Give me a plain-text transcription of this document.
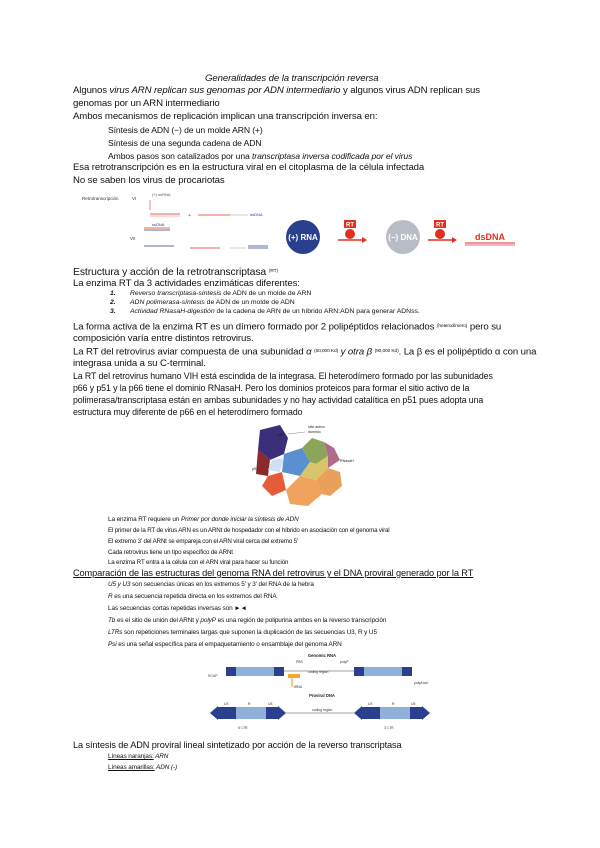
Generalidades de la transcripción reversa
Algunos virus ARN replican sus genomas por ADN intermediario y algunos virus ADN replican sus
genomas por un ARN intermediario
Ambos mecanismos de replicación implican una transcripción inversa en:
Síntesis de ADN (−) de un molde ARN (+)
Síntesis de una segunda cadena de ADN
Ambos pasos son catalizados por una transcriptasa inversa codificada por el virus
Esa retrotranscripción es en la estructura viral en el citoplasma de la célula infectada
No se saben los virus de procariotas
Retrotranscripción	VI
VII
(+) ssRNA
+	dsDNA
ssDNA
(+) RNA
RT
(−) DNA
RT
dsDNA
Estructura y acción de la retrotranscriptasa (RT)
La enzima RT da 3 actividades enzimáticas diferentes:
1. Reverso transcriptasa-síntesis de ADN de un molde de ARN
2. ADN polimerasa-síntesis de ADN de un molde de ADN
3. Actividad RNasaH-digestión de la cadena de ARN de un híbrido ARN:ADN para generar ADNss.
La forma activa de la enzima RT es un dímero formado por 2 polipéptidos relacionados (heterodímero) pero su
composición varía entre distintos retrovirus.
La RT del retrovirus aviar compuesta de una subunidad α (60,000 Kd) y otra β (90,000 Kd). La β es el polipéptido α con una
integrasa unida a su C-terminal.
La RT del retrovirus humano VIH está escindida de la integrasa. El heterodímero formado por las subunidades
p66 y p51 y la p66 tiene el dominio RNasaH. Pero los dominios proteicos para formar el sitio activo de la
polimerasa/transcriptasa están en ambas subunidades y no hay actividad catalítica en p51 pues adopta una
estructura muy diferente de p66 en el heterodímero formado
p66
sitio activo
dominio
RNasaH
p51
La enzima RT requiere un Primer por donde iniciar la síntesis de ADN
El primer de la RT de virus ARN es un ARNt de hospedador con el híbrido en asociación con el genoma viral
El extremo 3' del ARNt se empareja con el ARN viral cerca del extremo 5'
Cada retrovirus tiene un tipo específico de ARNt
La enzima RT entra a la célula con el ARN viral para hacer su función
Comparación de las estructuras del genoma RNA del retrovirus y el DNA proviral generado por la RT
U5 y U3 son secuencias únicas en los extremos 5' y 3' del RNA de la hebra
R es una secuencia repetida directa en los extremos del RNA
Las secuencias cortas repetidas inversas son ►◄
Tb es el sitio de unión del ARNt y polyP es una región de polipurina ambos en la reverso transcripción
LTRs son repeticiones terminales largas que suponen la duplicación de las secuencias U3, R y U5
Psi es una señal específica para el empaquetamiento o ensamblaje del genoma ARN
Genomic RNA
5'CAP
PBS
coding region
polyP
polyA tail
tRNA
Proviral DNA
U3	R	U5
coding region
U3	R	U5
5' LTR	3' LTR
La síntesis de ADN proviral lineal sintetizado por acción de la reverso transcriptasa
Líneas naranjas: ARN
Líneas amarillas: ADN (-)
